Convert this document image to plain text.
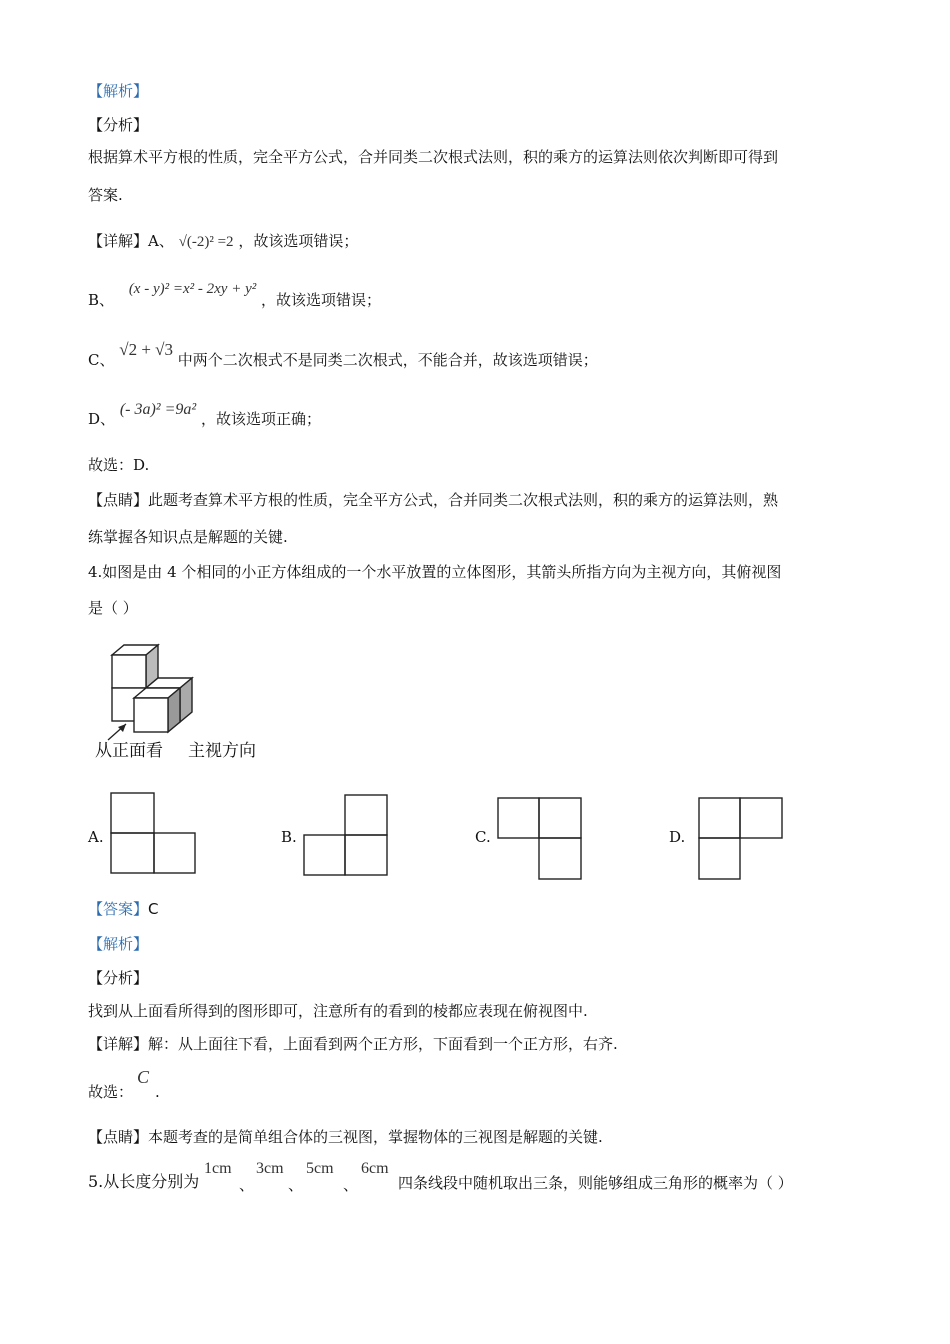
【解析】
【分析】
根据算术平方根的性质，完全平方公式，合并同类二次根式法则，积的乘方的运算法则依次判断即可得到
答案.
【详解】A、 √(-2)² =2 ，故该选项错误；
B、 (x - y)² =x² - 2xy + y² ，故该选项错误；
C、 √2 + √3 中两个二次根式不是同类二次根式，不能合并，故该选项错误；
D、 (- 3a)² =9a² ，故该选项正确；
故选：D.
【点睛】此题考查算术平方根的性质，完全平方公式，合并同类二次根式法则，积的乘方的运算法则，熟
练掌握各知识点是解题的关键.
4.如图是由 4 个相同的小正方体组成的一个水平放置的立体图形，其箭头所指方向为主视方向，其俯视图
是（ ）
从正面看 主视方向
A.	B.	C.	D.
【答案】C
【解析】
【分析】
找到从上面看所得到的图形即可，注意所有的看到的棱都应表现在俯视图中.
【详解】解：从上面往下看，上面看到两个正方形，下面看到一个正方形，右齐.
故选：C.
【点睛】本题考查的是简单组合体的三视图，掌握物体的三视图是解题的关键.
5.从长度分别为
1cm
、
3cm
、
5cm
、
6cm
四条线段中随机取出三条，则能够组成三角形的概率为（ ）
